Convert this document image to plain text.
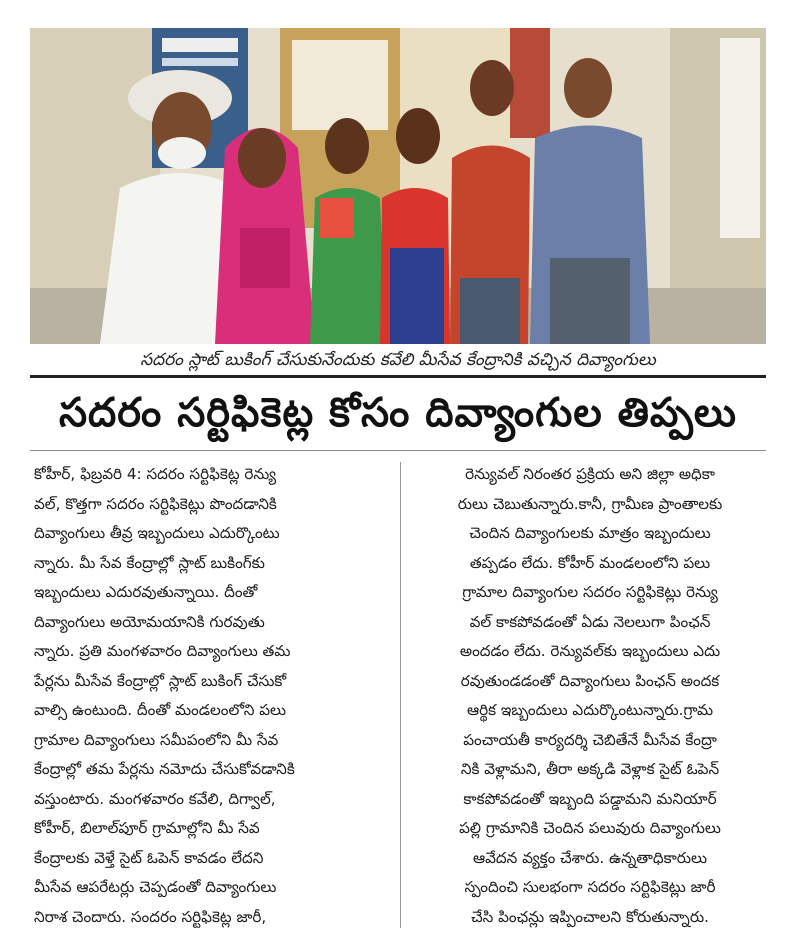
సదరం స్లాట్ బుకింగ్ చేసుకునేందుకు కవేలి మీసేవ కేంద్రానికి వచ్చిన దివ్యాంగులు
సదరం సర్టిఫికెట్ల కోసం దివ్యాంగుల తిప్పలు
కోహీర్, ఫిబ్రవరి 4: సదరం సర్టిఫికెట్ల రెన్యు
వల్, కొత్తగా సదరం సర్టిఫికెట్లు పొందడానికి
దివ్యాంగులు తీవ్ర ఇబ్బందులు ఎదుర్కొంటు
న్నారు. మీ సేవ కేంద్రాల్లో స్లాట్ బుకింగ్‌కు
ఇబ్బందులు ఎదురవుతున్నాయి. దీంతో
దివ్యాంగులు అయోమయానికి గురవుతు
న్నారు. ప్రతి మంగళవారం దివ్యాంగులు తమ
పేర్లను మీసేవ కేంద్రాల్లో స్లాట్ బుకింగ్ చేసుకో
వాల్సి ఉంటుంది. దీంతో మండలంలోని పలు
గ్రామాల దివ్యాంగులు సమీపంలోని మీ సేవ
కేంద్రాల్లో తమ పేర్లను నమోదు చేసుకోవడానికి
వస్తుంటారు. మంగళవారం కవేలి, దిగ్వాల్,
కోహీర్, బిలాల్‌పూర్ గ్రామాల్లోని మీ సేవ
కేంద్రాలకు వెళ్తే సైట్ ఓపెన్ కావడం లేదని
మీసేవ ఆపరేటర్లు చెప్పడంతో దివ్యాంగులు
నిరాశ చెందారు. సందరం సర్టిఫికెట్ల జారీ,
రెన్యువల్ నిరంతర ప్రక్రియ అని జిల్లా అధికా
రులు చెబుతున్నారు.కానీ, గ్రామీణ ప్రాంతాలకు
చెందిన దివ్యాంగులకు మాత్రం ఇబ్బందులు
తప్పడం లేదు. కోహీర్ మండలంలోని పలు
గ్రామాల దివ్యాంగుల సదరం సర్టిఫికెట్లు రెన్యు
వల్ కాకపోవడంతో ఏడు నెలలుగా పింఛన్
అందడం లేదు. రెన్యువల్‌కు ఇబ్బందులు ఎదు
రవుతుండడంతో దివ్యాంగులు పింఛన్ అందక
ఆర్థిక ఇబ్బందులు ఎదుర్కొంటున్నారు.గ్రామ
పంచాయతీ కార్యదర్శి చెబితేనే మీసేవ కేంద్రా
నికి వెళ్లామని, తీరా అక్కడి వెళ్లాక సైట్ ఓపెన్
కాకపోవడంతో ఇబ్బంది పడ్డామని మనియార్
పల్లి గ్రామానికి చెందిన పలువురు దివ్యాంగులు
ఆవేదన వ్యక్తం చేశారు. ఉన్నతాధికారులు
స్పందించి సులభంగా సదరం సర్టిఫికెట్లు జారీ
చేసి పింఛన్లు ఇప్పించాలని కోరుతున్నారు.
